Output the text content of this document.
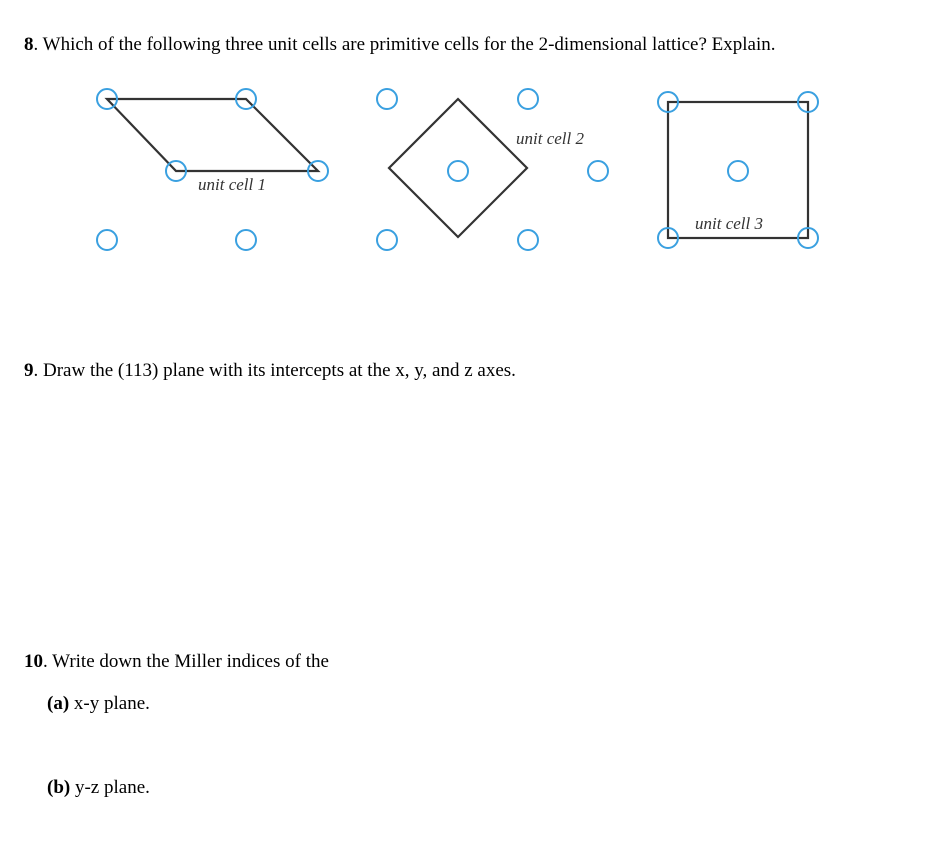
8. Which of the following three unit cells are primitive cells for the 2-dimensional lattice? Explain.

unit cell 1
unit cell 2
unit cell 3

9. Draw the (113) plane with its intercepts at the x, y, and z axes.

10. Write down the Miller indices of the

(a) x-y plane.

(b) y-z plane.
